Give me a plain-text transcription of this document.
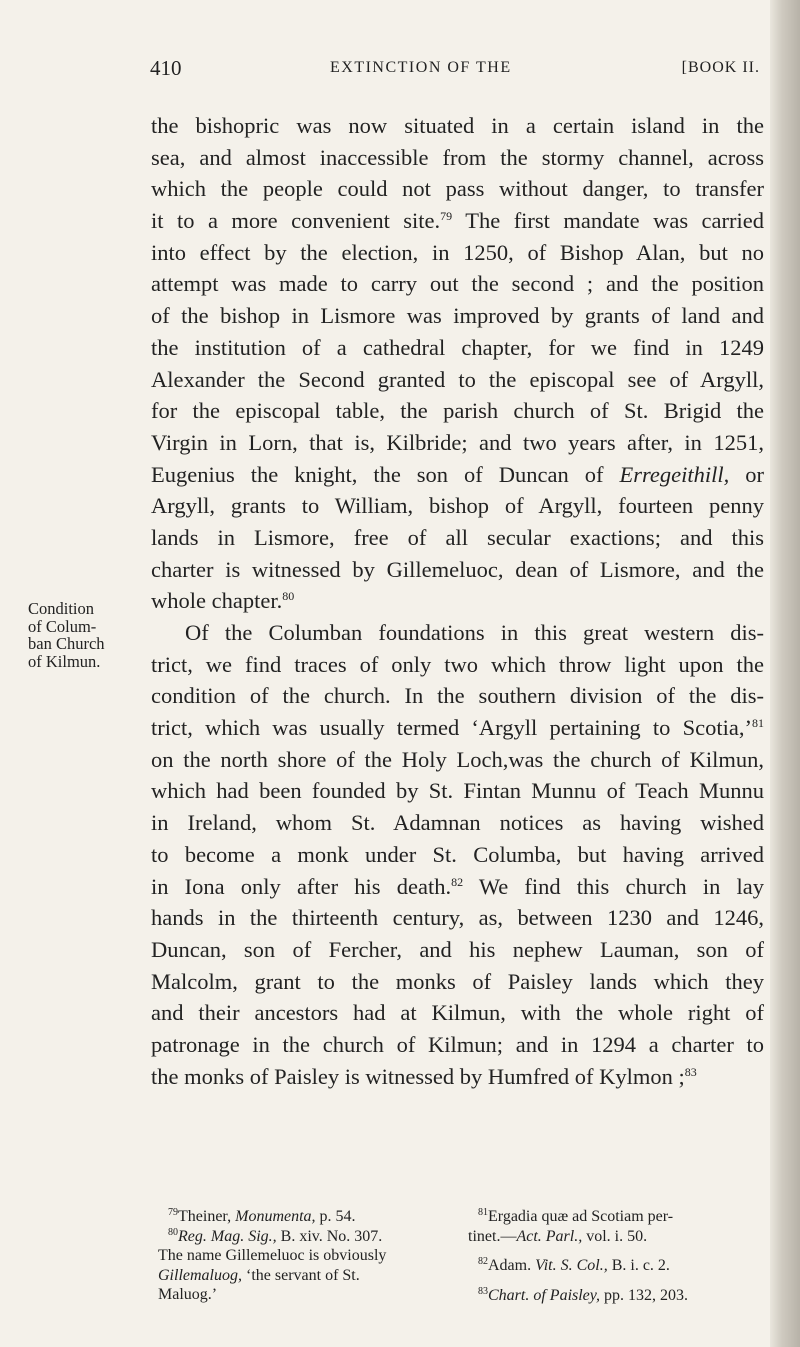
410	EXTINCTION OF THE	[BOOK II.
Condition
of Colum-
ban Church
of Kilmun.
the bishopric was now situated in a certain island in the
sea, and almost inaccessible from the stormy channel, across
which the people could not pass without danger, to transfer
it to a more convenient site.$^{79}$ The first mandate was carried
into effect by the election, in 1250, of Bishop Alan, but no
attempt was made to carry out the second ; and the position
of the bishop in Lismore was improved by grants of land and
the institution of a cathedral chapter, for we find in 1249
Alexander the Second granted to the episcopal see of Argyll,
for the episcopal table, the parish church of St. Brigid the
Virgin in Lorn, that is, Kilbride; and two years after, in 1251,
Eugenius the knight, the son of Duncan of Erregeithill, or
Argyll, grants to William, bishop of Argyll, fourteen penny
lands in Lismore, free of all secular exactions; and this
charter is witnessed by Gillemeluoc, dean of Lismore, and the
whole chapter.$^{80}$
Of the Columban foundations in this great western dis-
trict, we find traces of only two which throw light upon the
condition of the church. In the southern division of the dis-
trict, which was usually termed ‘Argyll pertaining to Scotia,’$^{81}$
on the north shore of the Holy Loch,was the church of Kilmun,
which had been founded by St. Fintan Munnu of Teach Munnu
in Ireland, whom St. Adamnan notices as having wished
to become a monk under St. Columba, but having arrived
in Iona only after his death.$^{82}$ We find this church in lay
hands in the thirteenth century, as, between 1230 and 1246,
Duncan, son of Fercher, and his nephew Lauman, son of
Malcolm, grant to the monks of Paisley lands which they
and their ancestors had at Kilmun, with the whole right of
patronage in the church of Kilmun; and in 1294 a charter to
the monks of Paisley is witnessed by Humfred of Kylmon ;$^{83}$
$^{79}$Theiner, Monumenta, p. 54.
$^{80}$Reg. Mag. Sig., B. xiv. No. 307.
The name Gillemeluoc is obviously
Gillemaluog, ‘the servant of St.
Maluog.’
$^{81}$Ergadia quæ ad Scotiam per-
tinet.—Act. Parl., vol. i. 50.
$^{82}$Adam. Vit. S. Col., B. i. c. 2.
$^{83}$Chart. of Paisley, pp. 132, 203.
